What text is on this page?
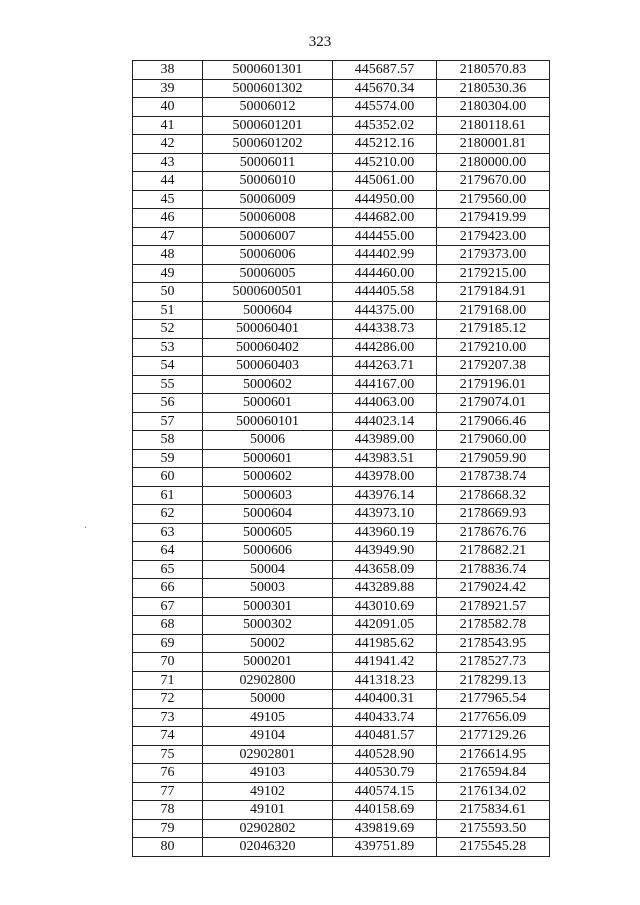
323
·
38	5000601301	445687.57	2180570.83
39	5000601302	445670.34	2180530.36
40	50006012	445574.00	2180304.00
41	5000601201	445352.02	2180118.61
42	5000601202	445212.16	2180001.81
43	50006011	445210.00	2180000.00
44	50006010	445061.00	2179670.00
45	50006009	444950.00	2179560.00
46	50006008	444682.00	2179419.99
47	50006007	444455.00	2179423.00
48	50006006	444402.99	2179373.00
49	50006005	444460.00	2179215.00
50	5000600501	444405.58	2179184.91
51	5000604	444375.00	2179168.00
52	500060401	444338.73	2179185.12
53	500060402	444286.00	2179210.00
54	500060403	444263.71	2179207.38
55	5000602	444167.00	2179196.01
56	5000601	444063.00	2179074.01
57	500060101	444023.14	2179066.46
58	50006	443989.00	2179060.00
59	5000601	443983.51	2179059.90
60	5000602	443978.00	2178738.74
61	5000603	443976.14	2178668.32
62	5000604	443973.10	2178669.93
63	5000605	443960.19	2178676.76
64	5000606	443949.90	2178682.21
65	50004	443658.09	2178836.74
66	50003	443289.88	2179024.42
67	5000301	443010.69	2178921.57
68	5000302	442091.05	2178582.78
69	50002	441985.62	2178543.95
70	5000201	441941.42	2178527.73
71	02902800	441318.23	2178299.13
72	50000	440400.31	2177965.54
73	49105	440433.74	2177656.09
74	49104	440481.57	2177129.26
75	02902801	440528.90	2176614.95
76	49103	440530.79	2176594.84
77	49102	440574.15	2176134.02
78	49101	440158.69	2175834.61
79	02902802	439819.69	2175593.50
80	02046320	439751.89	2175545.28
